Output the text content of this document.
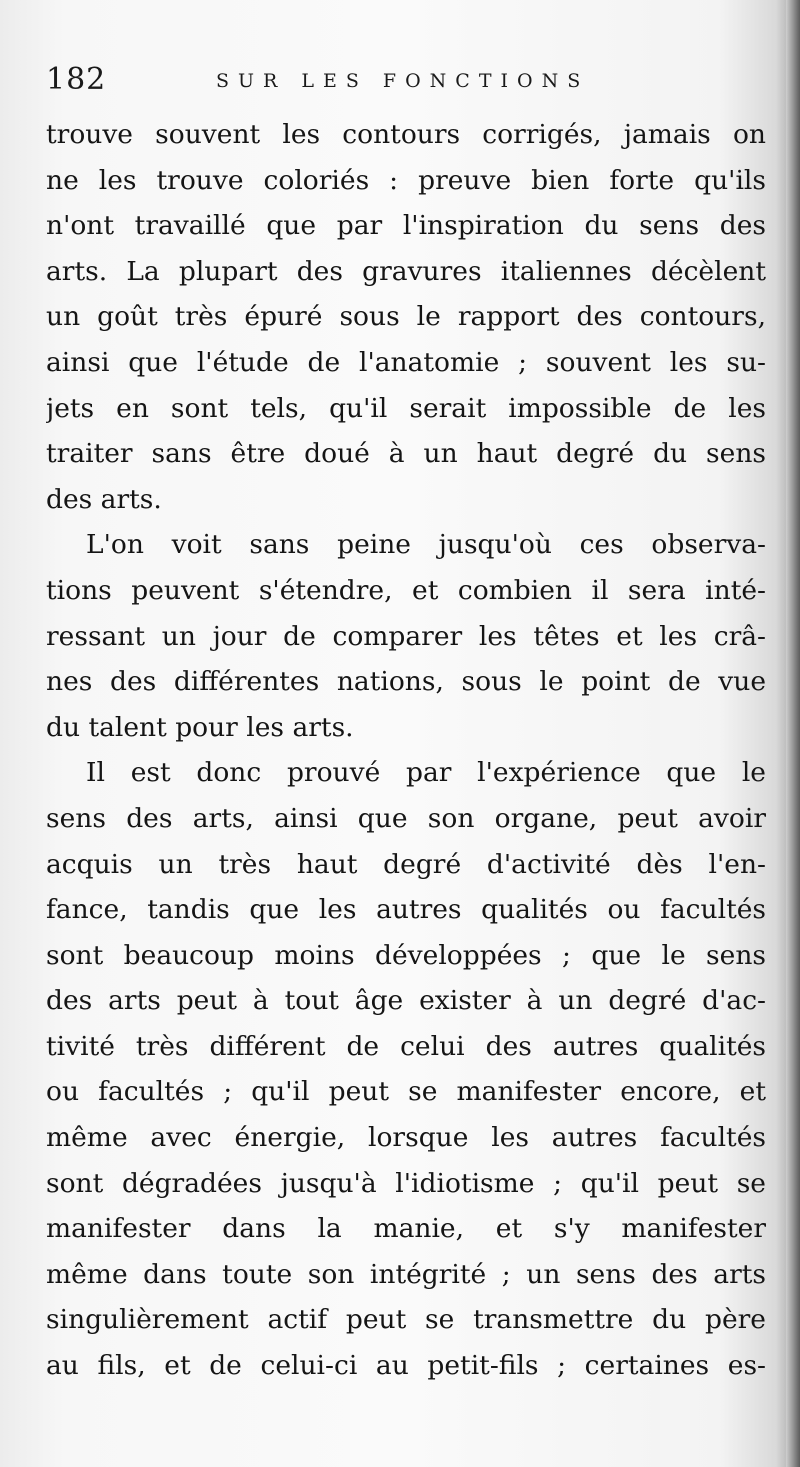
182	SUR LES FONCTIONS
trouve souvent les contours corrigés, jamais on
ne les trouve coloriés : preuve bien forte qu'ils
n'ont travaillé que par l'inspiration du sens des
arts. La plupart des gravures italiennes décèlent
un goût très épuré sous le rapport des contours,
ainsi que l'étude de l'anatomie ; souvent les su-
jets en sont tels, qu'il serait impossible de les
traiter sans être doué à un haut degré du sens
des arts.
L'on voit sans peine jusqu'où ces observa-
tions peuvent s'étendre, et combien il sera inté-
ressant un jour de comparer les têtes et les crâ-
nes des différentes nations, sous le point de vue
du talent pour les arts.
Il est donc prouvé par l'expérience que le
sens des arts, ainsi que son organe, peut avoir
acquis un très haut degré d'activité dès l'en-
fance, tandis que les autres qualités ou facultés
sont beaucoup moins développées ; que le sens
des arts peut à tout âge exister à un degré d'ac-
tivité très différent de celui des autres qualités
ou facultés ; qu'il peut se manifester encore, et
même avec énergie, lorsque les autres facultés
sont dégradées jusqu'à l'idiotisme ; qu'il peut se
manifester dans la manie, et s'y manifester
même dans toute son intégrité ; un sens des arts
singulièrement actif peut se transmettre du père
au fils, et de celui-ci au petit-fils ; certaines es-
